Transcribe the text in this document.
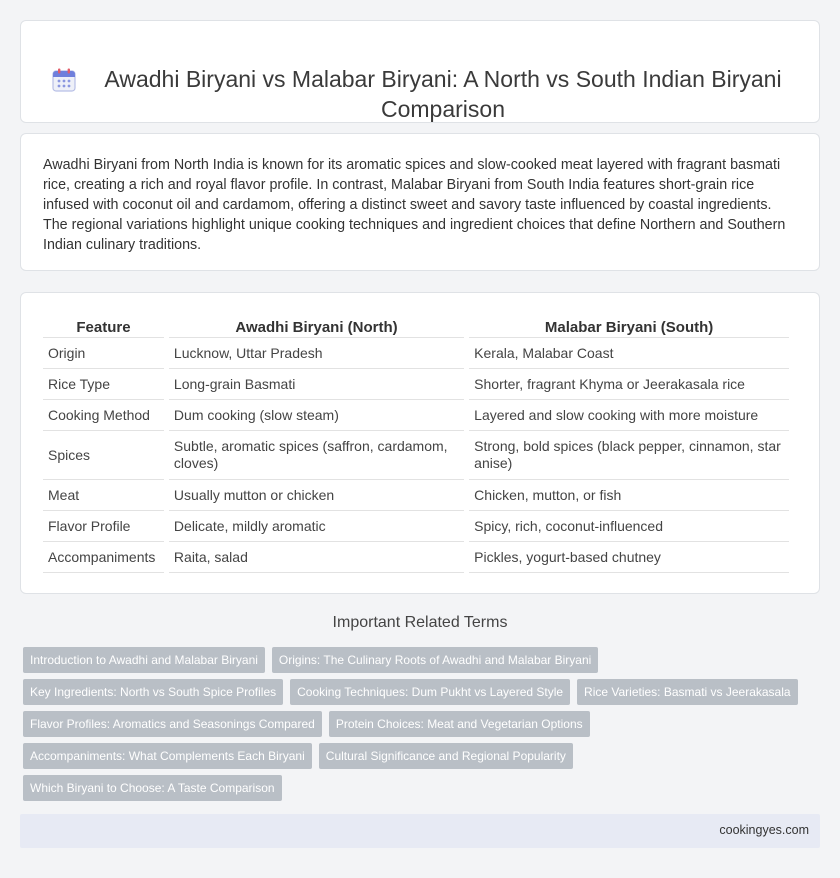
Awadhi Biryani vs Malabar Biryani: A North vs South Indian Biryani Comparison

Awadhi Biryani from North India is known for its aromatic spices and slow-cooked meat layered with fragrant basmati rice, creating a rich and royal flavor profile. In contrast, Malabar Biryani from South India features short-grain rice infused with coconut oil and cardamom, offering a distinct sweet and savory taste influenced by coastal ingredients. The regional variations highlight unique cooking techniques and ingredient choices that define Northern and Southern Indian culinary traditions.

Feature	Awadhi Biryani (North)	Malabar Biryani (South)
Origin	Lucknow, Uttar Pradesh	Kerala, Malabar Coast
Rice Type	Long-grain Basmati	Shorter, fragrant Khyma or Jeerakasala rice
Cooking Method	Dum cooking (slow steam)	Layered and slow cooking with more moisture
Spices	Subtle, aromatic spices (saffron, cardamom, cloves)	Strong, bold spices (black pepper, cinnamon, star anise)
Meat	Usually mutton or chicken	Chicken, mutton, or fish
Flavor Profile	Delicate, mildly aromatic	Spicy, rich, coconut-influenced
Accompaniments	Raita, salad	Pickles, yogurt-based chutney
Important Related Terms
Introduction to Awadhi and Malabar Biryani	Origins: The Culinary Roots of Awadhi and Malabar Biryani
Key Ingredients: North vs South Spice Profiles	Cooking Techniques: Dum Pukht vs Layered Style	Rice Varieties: Basmati vs Jeerakasala
Flavor Profiles: Aromatics and Seasonings Compared	Protein Choices: Meat and Vegetarian Options
Accompaniments: What Complements Each Biryani	Cultural Significance and Regional Popularity
Which Biryani to Choose: A Taste Comparison
cookingyes.com
